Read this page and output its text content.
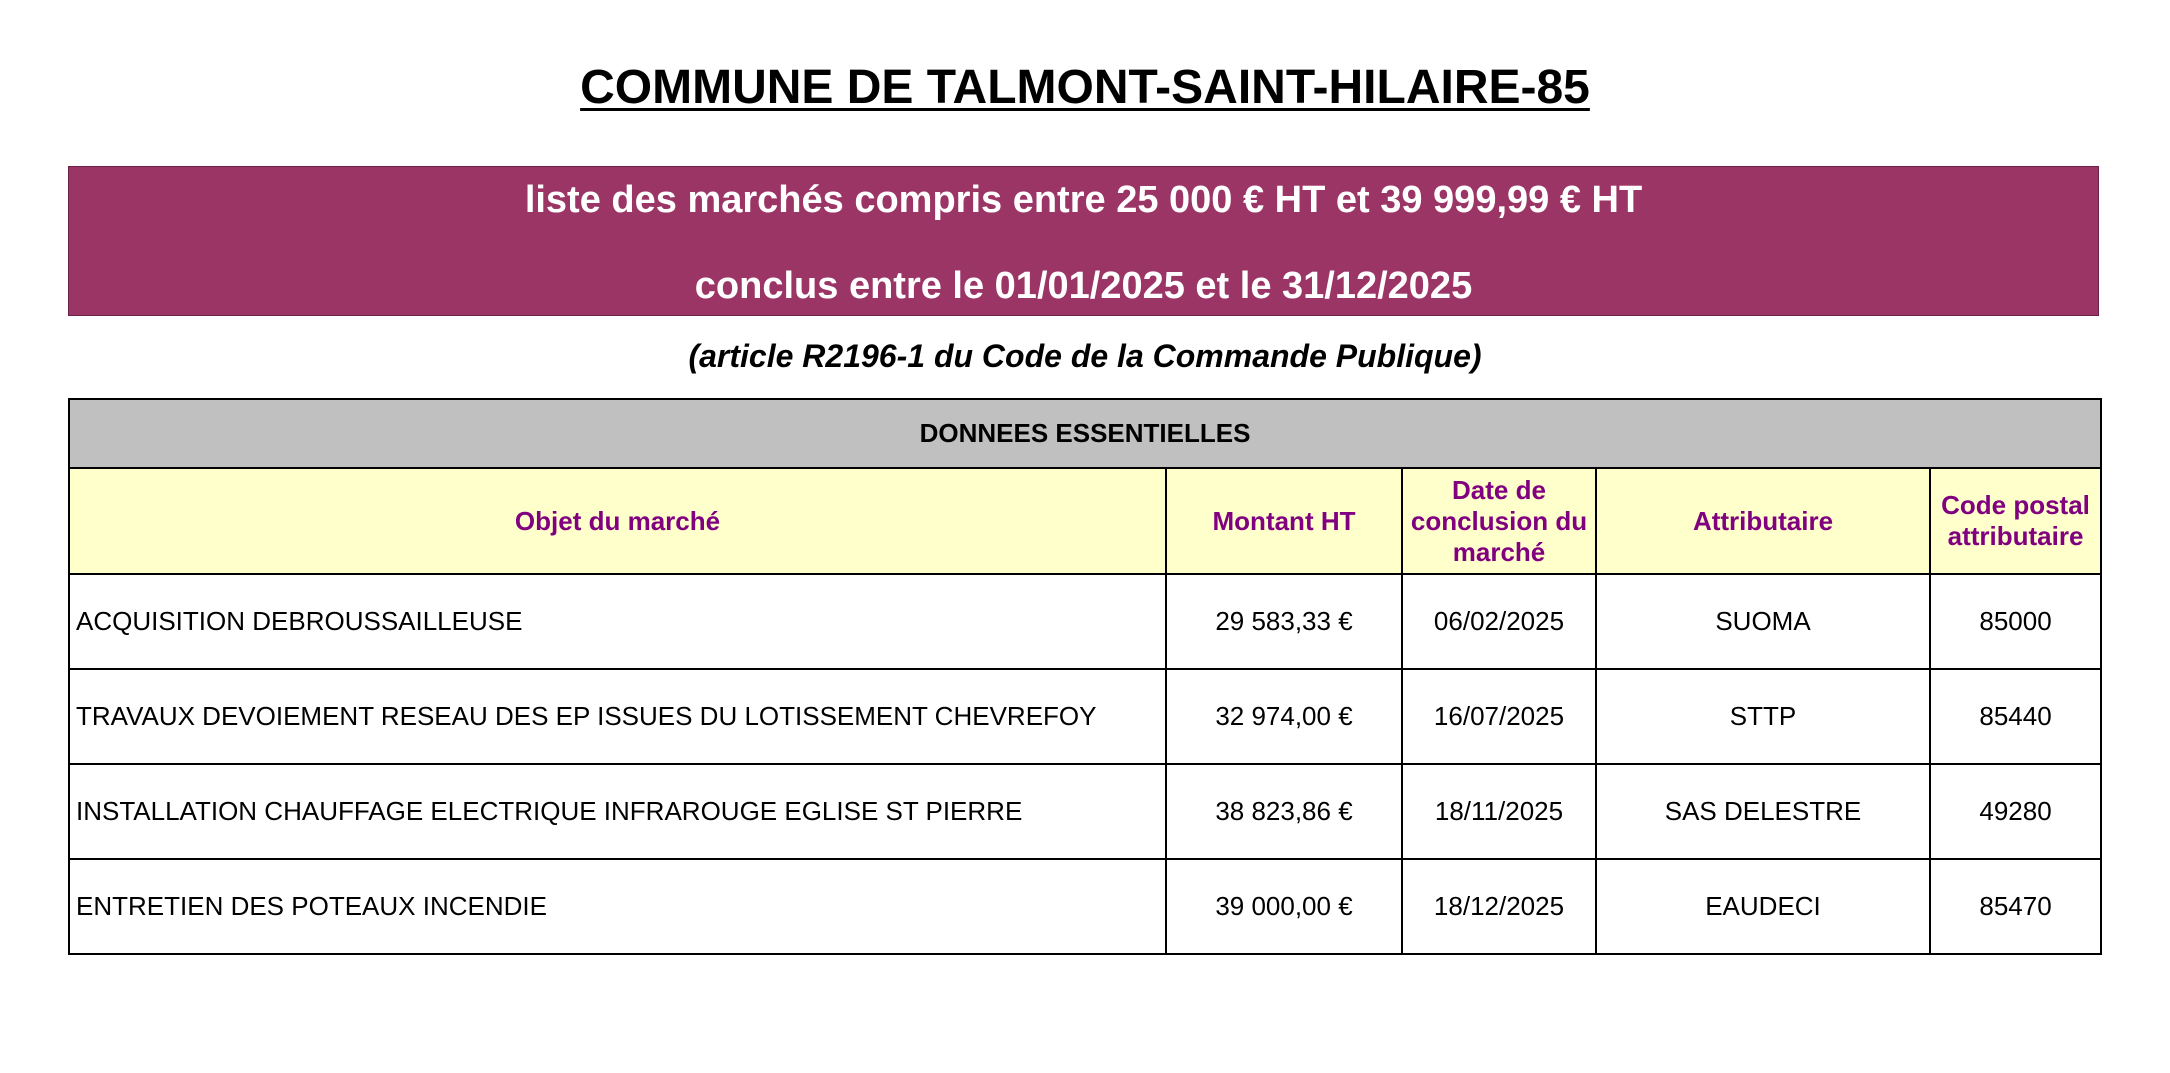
COMMUNE DE TALMONT-SAINT-HILAIRE-85
liste des marchés compris entre 25 000 € HT et 39 999,99 € HT
conclus entre le 01/01/2025 et le 31/12/2025
(article R2196-1 du Code de la Commande Publique)
DONNEES ESSENTIELLES				
Objet du marché	Montant HT	Date de conclusion du marché	Attributaire	Code postal attributaire
ACQUISITION DEBROUSSAILLEUSE	29 583,33 €	06/02/2025	SUOMA	85000
TRAVAUX DEVOIEMENT RESEAU DES EP ISSUES DU LOTISSEMENT CHEVREFOY	32 974,00 €	16/07/2025	STTP	85440
INSTALLATION CHAUFFAGE ELECTRIQUE INFRAROUGE EGLISE ST PIERRE	38 823,86 €	18/11/2025	SAS DELESTRE	49280
ENTRETIEN DES POTEAUX INCENDIE	39 000,00 €	18/12/2025	EAUDECI	85470
